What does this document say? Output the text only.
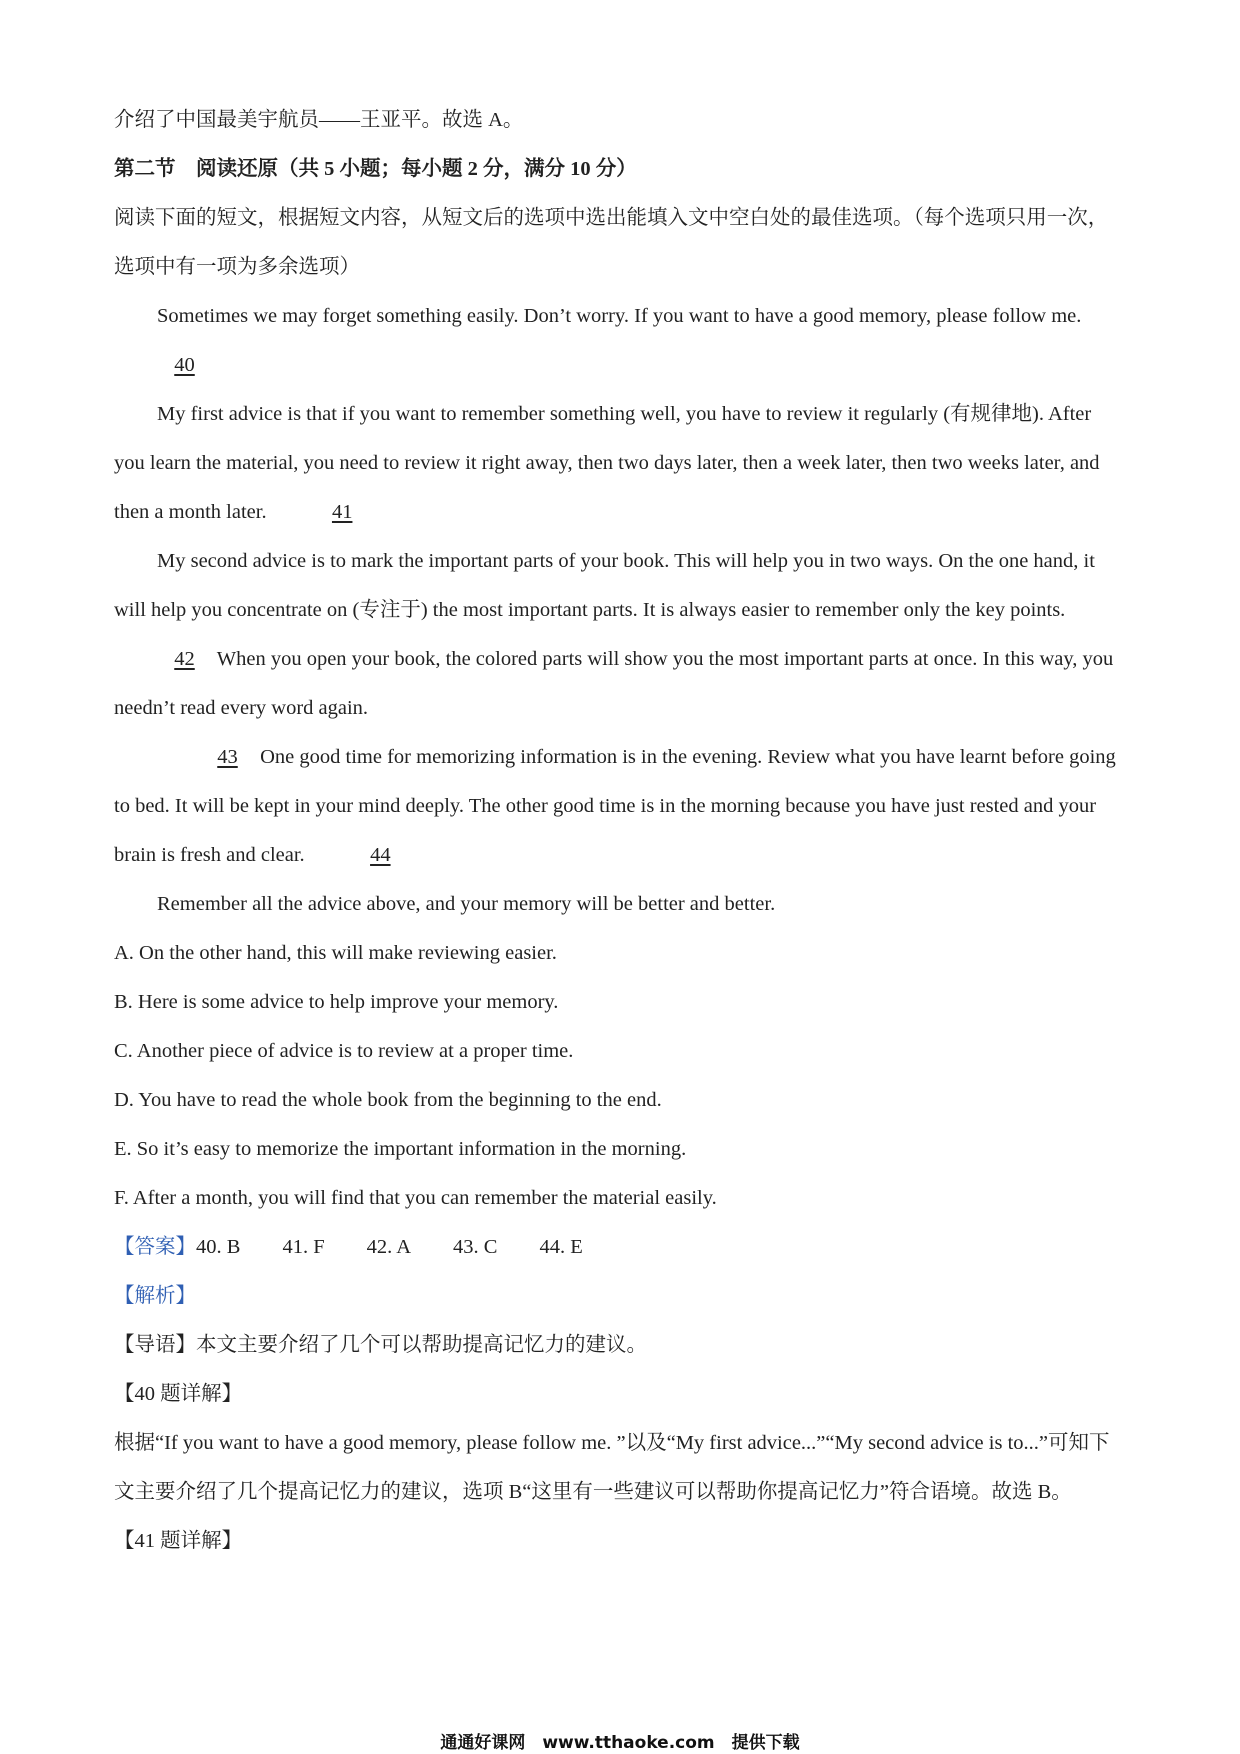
介绍了中国最美宇航员——王亚平。故选 A。
第二节　阅读还原（共 5 小题；每小题 2 分，满分 10 分）
阅读下面的短文，根据短文内容，从短文后的选项中选出能填入文中空白处的最佳选项。（每个选项只用一次，选项中有一项为多余选项）
Sometimes we may forget something easily. Don’t worry. If you want to have a good memory, please follow me. 40
My first advice is that if you want to remember something well, you have to review it regularly (有规律地). After you learn the material, you need to review it right away, then two days later, then a week later, then two weeks later, and then a month later.	41
My second advice is to mark the important parts of your book. This will help you in two ways. On the one hand, it will help you concentrate on (专注于) the most important parts. It is always easier to remember only the key points. 42 When you open your book, the colored parts will show you the most important parts at once. In this way, you needn’t read every word again.
43 One good time for memorizing information is in the evening. Review what you have learnt before going to bed. It will be kept in your mind deeply. The other good time is in the morning because you have just rested and your brain is fresh and clear.	44
Remember all the advice above, and your memory will be better and better.
A. On the other hand, this will make reviewing easier.
B. Here is some advice to help improve your memory.
C. Another piece of advice is to review at a proper time.
D. You have to read the whole book from the beginning to the end.
E. So it’s easy to memorize the important information in the morning.
F. After a month, you will find that you can remember the material easily.
【答案】40. B 41. F 42. A 43. C 44. E
【解析】
【导语】本文主要介绍了几个可以帮助提高记忆力的建议。
【40 题详解】
根据“If you want to have a good memory, please follow me. ”以及“My first advice...”“My second advice is to...”可知下文主要介绍了几个提高记忆力的建议，选项 B“这里有一些建议可以帮助你提高记忆力”符合语境。故选 B。
【41 题详解】
通通好课网　www.tthaoke.com　提供下载
